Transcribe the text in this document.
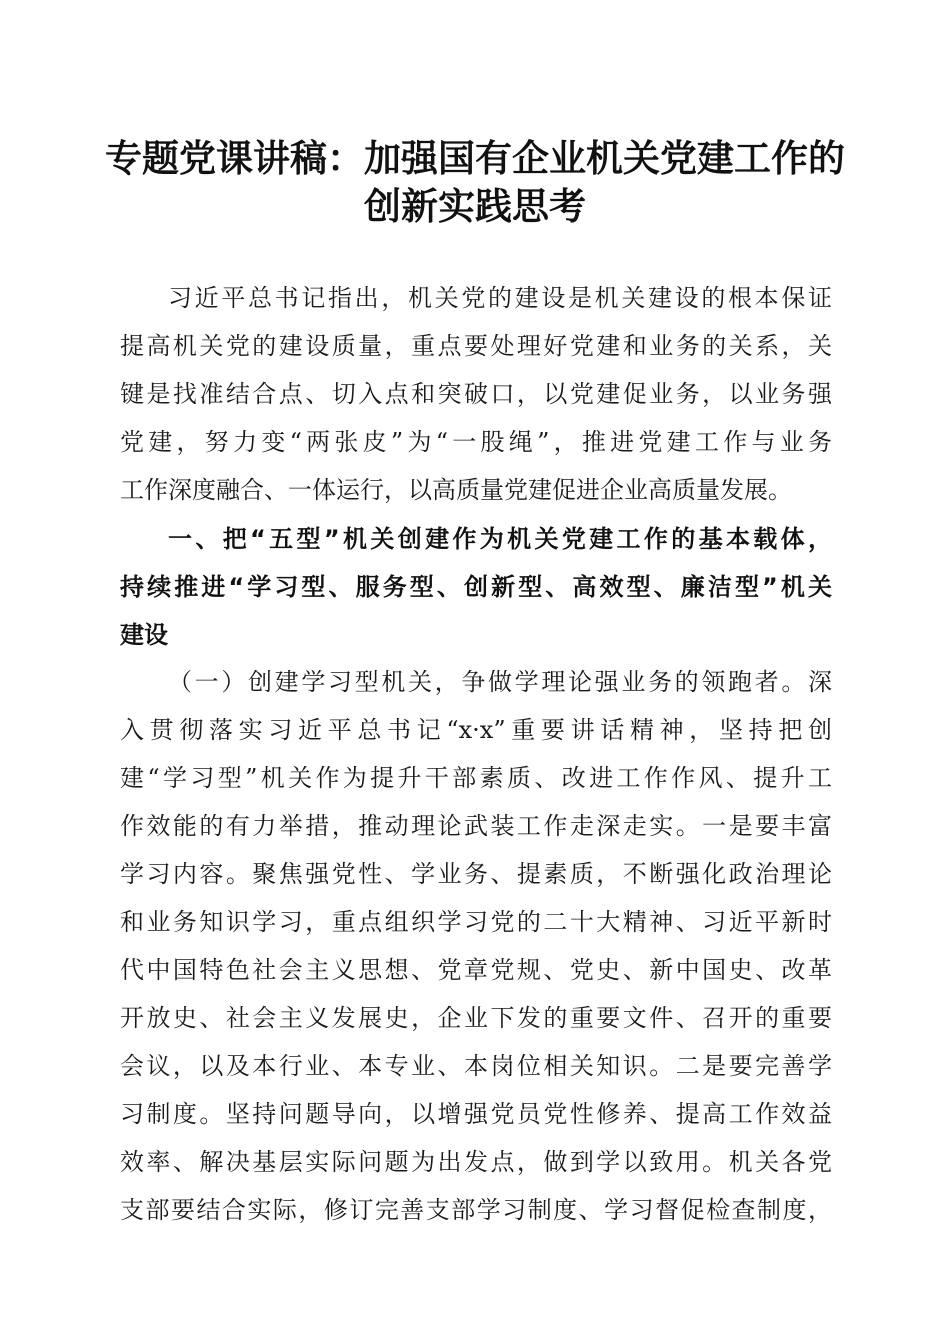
专题党课讲稿：加强国有企业机关党建工作的
创新实践思考
习近平总书记指出，机关党的建设是机关建设的根本保证
提高机关党的建设质量，重点要处理好党建和业务的关系，关
键是找准结合点、切入点和突破口，以党建促业务，以业务强
党建，努力变“两张皮”为“一股绳”，推进党建工作与业务
工作深度融合、一体运行，以高质量党建促进企业高质量发展。
一、把“五型”机关创建作为机关党建工作的基本载体，
持续推进“学习型、服务型、创新型、高效型、廉洁型”机关
建设
（一）创建学习型机关，争做学理论强业务的领跑者。深
入贯彻落实习近平总书记“x·x”重要讲话精神，坚持把创
建“学习型”机关作为提升干部素质、改进工作作风、提升工
作效能的有力举措，推动理论武装工作走深走实。一是要丰富
学习内容。聚焦强党性、学业务、提素质，不断强化政治理论
和业务知识学习，重点组织学习党的二十大精神、习近平新时
代中国特色社会主义思想、党章党规、党史、新中国史、改革
开放史、社会主义发展史，企业下发的重要文件、召开的重要
会议，以及本行业、本专业、本岗位相关知识。二是要完善学
习制度。坚持问题导向，以增强党员党性修养、提高工作效益
效率、解决基层实际问题为出发点，做到学以致用。机关各党
支部要结合实际，修订完善支部学习制度、学习督促检查制度，
